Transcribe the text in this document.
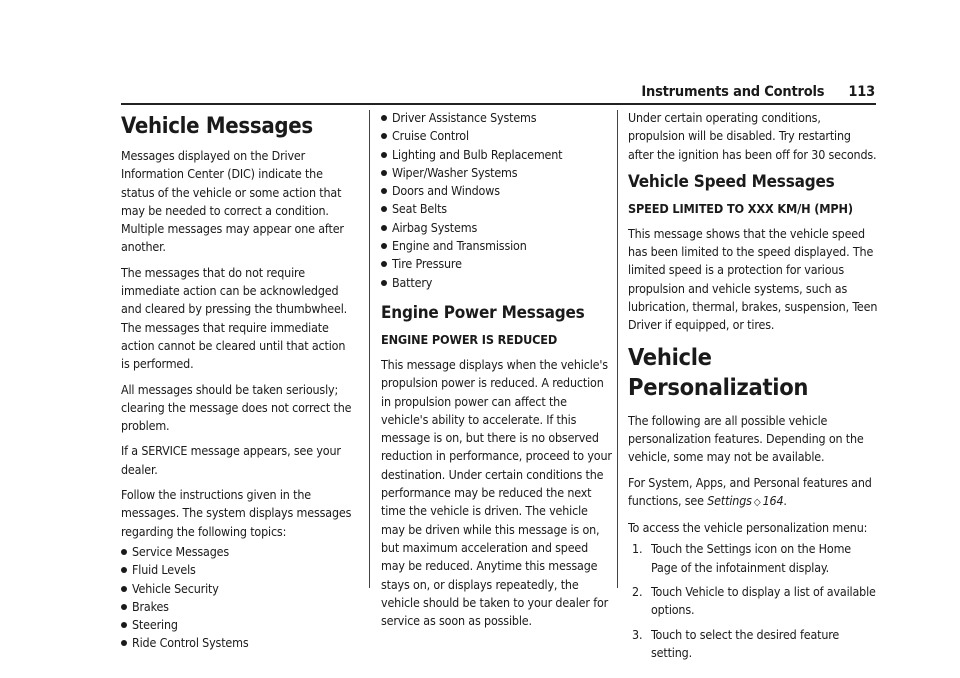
Instruments and Controls 113
Vehicle Messages

Messages displayed on the Driver Information Center (DIC) indicate the status of the vehicle or some action that may be needed to correct a condition. Multiple messages may appear one after another.

The messages that do not require immediate action can be acknowledged and cleared by pressing the thumbwheel. The messages that require immediate action cannot be cleared until that action is performed.

All messages should be taken seriously; clearing the message does not correct the problem.

If a SERVICE message appears, see your dealer.

Follow the instructions given in the messages. The system displays messages regarding the following topics:

Service Messages
Fluid Levels
Vehicle Security
Brakes
Steering
Ride Control Systems
Driver Assistance Systems
Cruise Control
Lighting and Bulb Replacement
Wiper/Washer Systems
Doors and Windows
Seat Belts
Airbag Systems
Engine and Transmission
Tire Pressure
Battery
Engine Power Messages
ENGINE POWER IS REDUCED

This message displays when the vehicle's propulsion power is reduced. A reduction in propulsion power can affect the vehicle's ability to accelerate. If this message is on, but there is no observed reduction in performance, proceed to your destination. Under certain conditions the performance may be reduced the next time the vehicle is driven. The vehicle may be driven while this message is on, but maximum acceleration and speed may be reduced. Anytime this message stays on, or displays repeatedly, the vehicle should be taken to your dealer for service as soon as possible.

Under certain operating conditions, propulsion will be disabled. Try restarting after the ignition has been off for 30 seconds.

Vehicle Speed Messages
SPEED LIMITED TO XXX KM/H (MPH)

This message shows that the vehicle speed has been limited to the speed displayed. The limited speed is a protection for various propulsion and vehicle systems, such as lubrication, thermal, brakes, suspension, Teen Driver if equipped, or tires.

Vehicle Personalization

The following are all possible vehicle personalization features. Depending on the vehicle, some may not be available.

For System, Apps, and Personal features and functions, see Settings ◇ 164.

To access the vehicle personalization menu:

1. Touch the Settings icon on the Home Page of the infotainment display.
2. Touch Vehicle to display a list of available options.
3. Touch to select the desired feature setting.
